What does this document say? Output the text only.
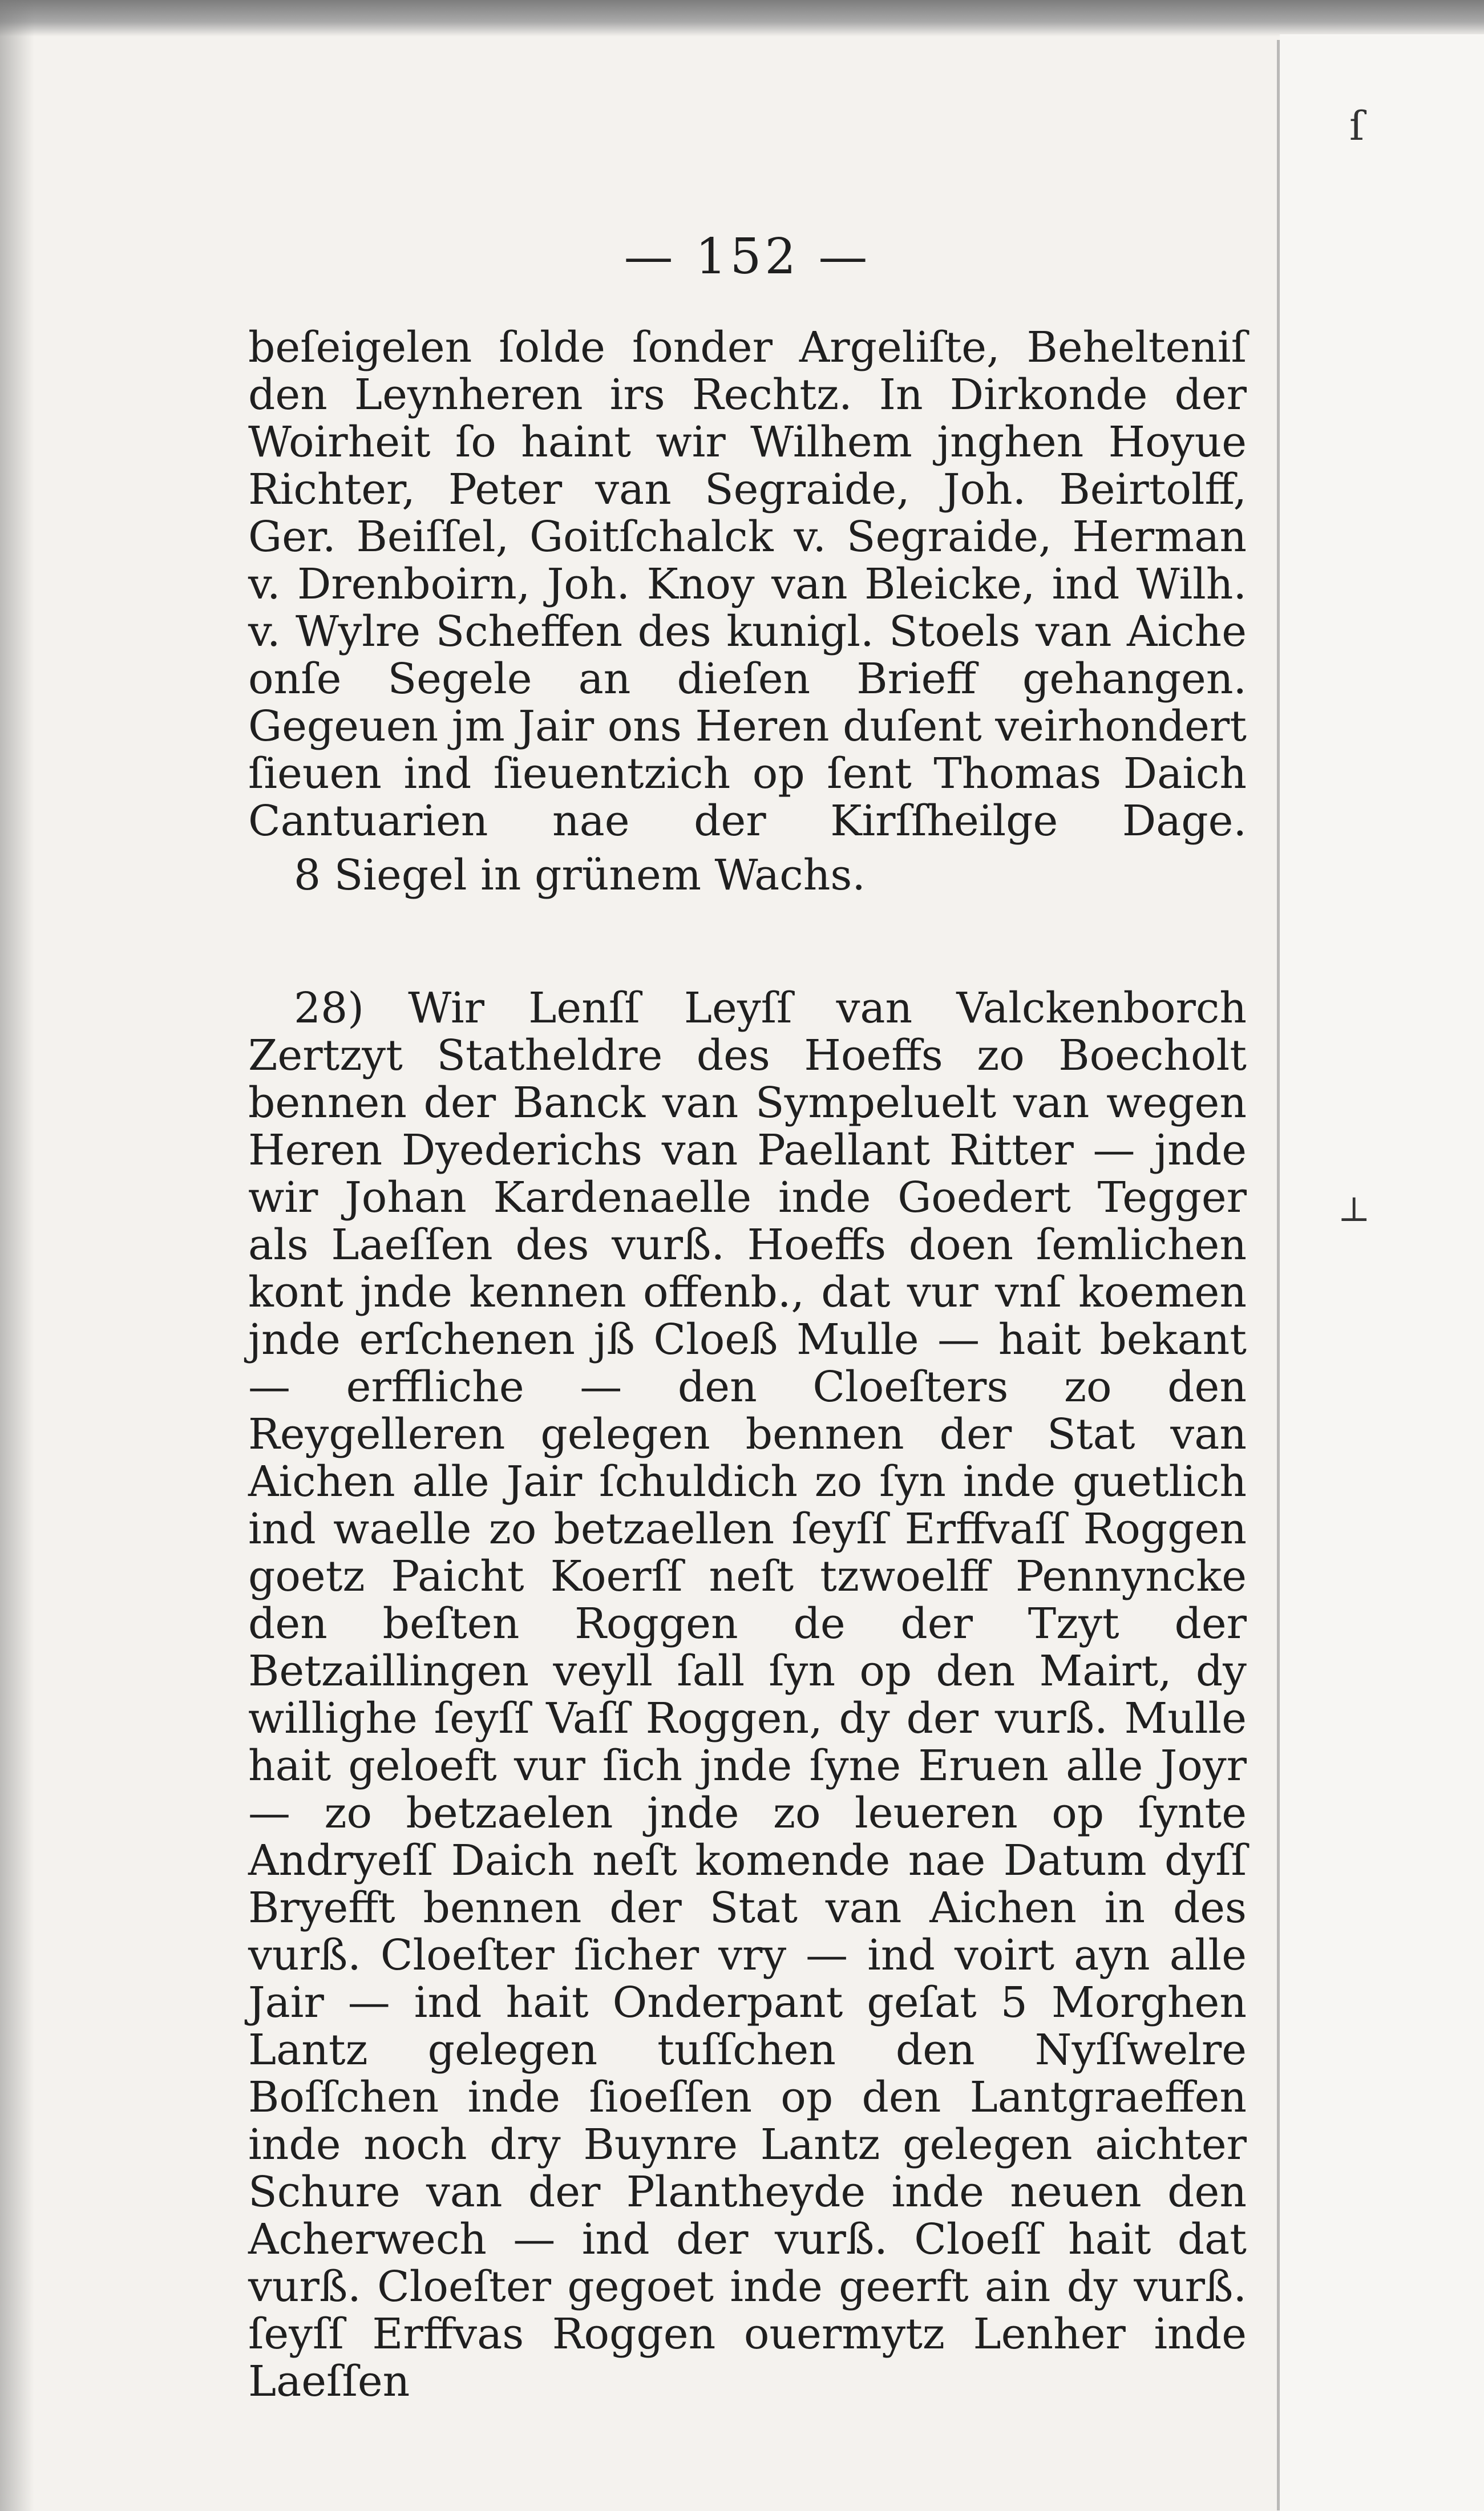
ſ
⊥
— 152 —

beſeigelen ſolde ſonder Argeliſte, Behelteniſ den Leynheren irs Rechtz. In Dirkonde der Woirheit ſo haint wir Wilhem jnghen Hoyue Richter, Peter van Segraide, Joh. Beirtolff, Ger. Beiſſel, Goitſchalck v. Segraide, Herman v. Drenboirn, Joh. Knoy van Bleicke, ind Wilh. v. Wylre Scheffen des kunigl. Stoels van Aiche onſe Segele an dieſen Brieff gehangen. Gegeuen jm Jair ons Heren duſent veirhondert ſieuen ind ſieuentzich op ſent Thomas Daich Cantuarien nae der Kirſſheilge Dage.

8 Siegel in grünem Wachs.

28) Wir Lenſſ Leyſſ van Valckenborch Zertzyt Statheldre des Hoeffs zo Boecholt bennen der Banck van Sympeluelt van wegen Heren Dyederichs van Paellant Ritter — jnde wir Johan Kardenaelle inde Goedert Tegger als Laeſſen des vurß. Hoeffs doen ſemlichen kont jnde kennen offenb., dat vur vnſ koemen jnde erſchenen jß Cloeß Mulle — hait bekant — erffliche — den Cloeſters zo den Reygelleren gelegen bennen der Stat van Aichen alle Jair ſchuldich zo ſyn inde guetlich ind waelle zo betzaellen ſeyſſ Erffvaſſ Roggen goetz Paicht Koerſſ neſt tzwoelff Pennyncke den beſten Roggen de der Tzyt der Betzaillingen veyll ſall ſyn op den Mairt, dy willighe ſeyſſ Vaſſ Roggen, dy der vurß. Mulle hait geloeft vur ſich jnde ſyne Eruen alle Joyr — zo betzaelen jnde zo leueren op ſynte Andryeſſ Daich neſt komende nae Datum dyſſ Bryefft bennen der Stat van Aichen in des vurß. Cloeſter ſicher vry — ind voirt ayn alle Jair — ind hait Onderpant geſat 5 Morghen Lantz gelegen tuſſchen den Nyſſwelre Boſſchen inde ſioeſſen op den Lantgraeffen inde noch dry Buynre Lantz gelegen aichter Schure van der Plantheyde inde neuen den Acherwech — ind der vurß. Cloeſſ hait dat vurß. Cloeſter gegoet inde geerft ain dy vurß. ſeyſſ Erffvas Roggen ouermytz Lenher inde Laeſſen
